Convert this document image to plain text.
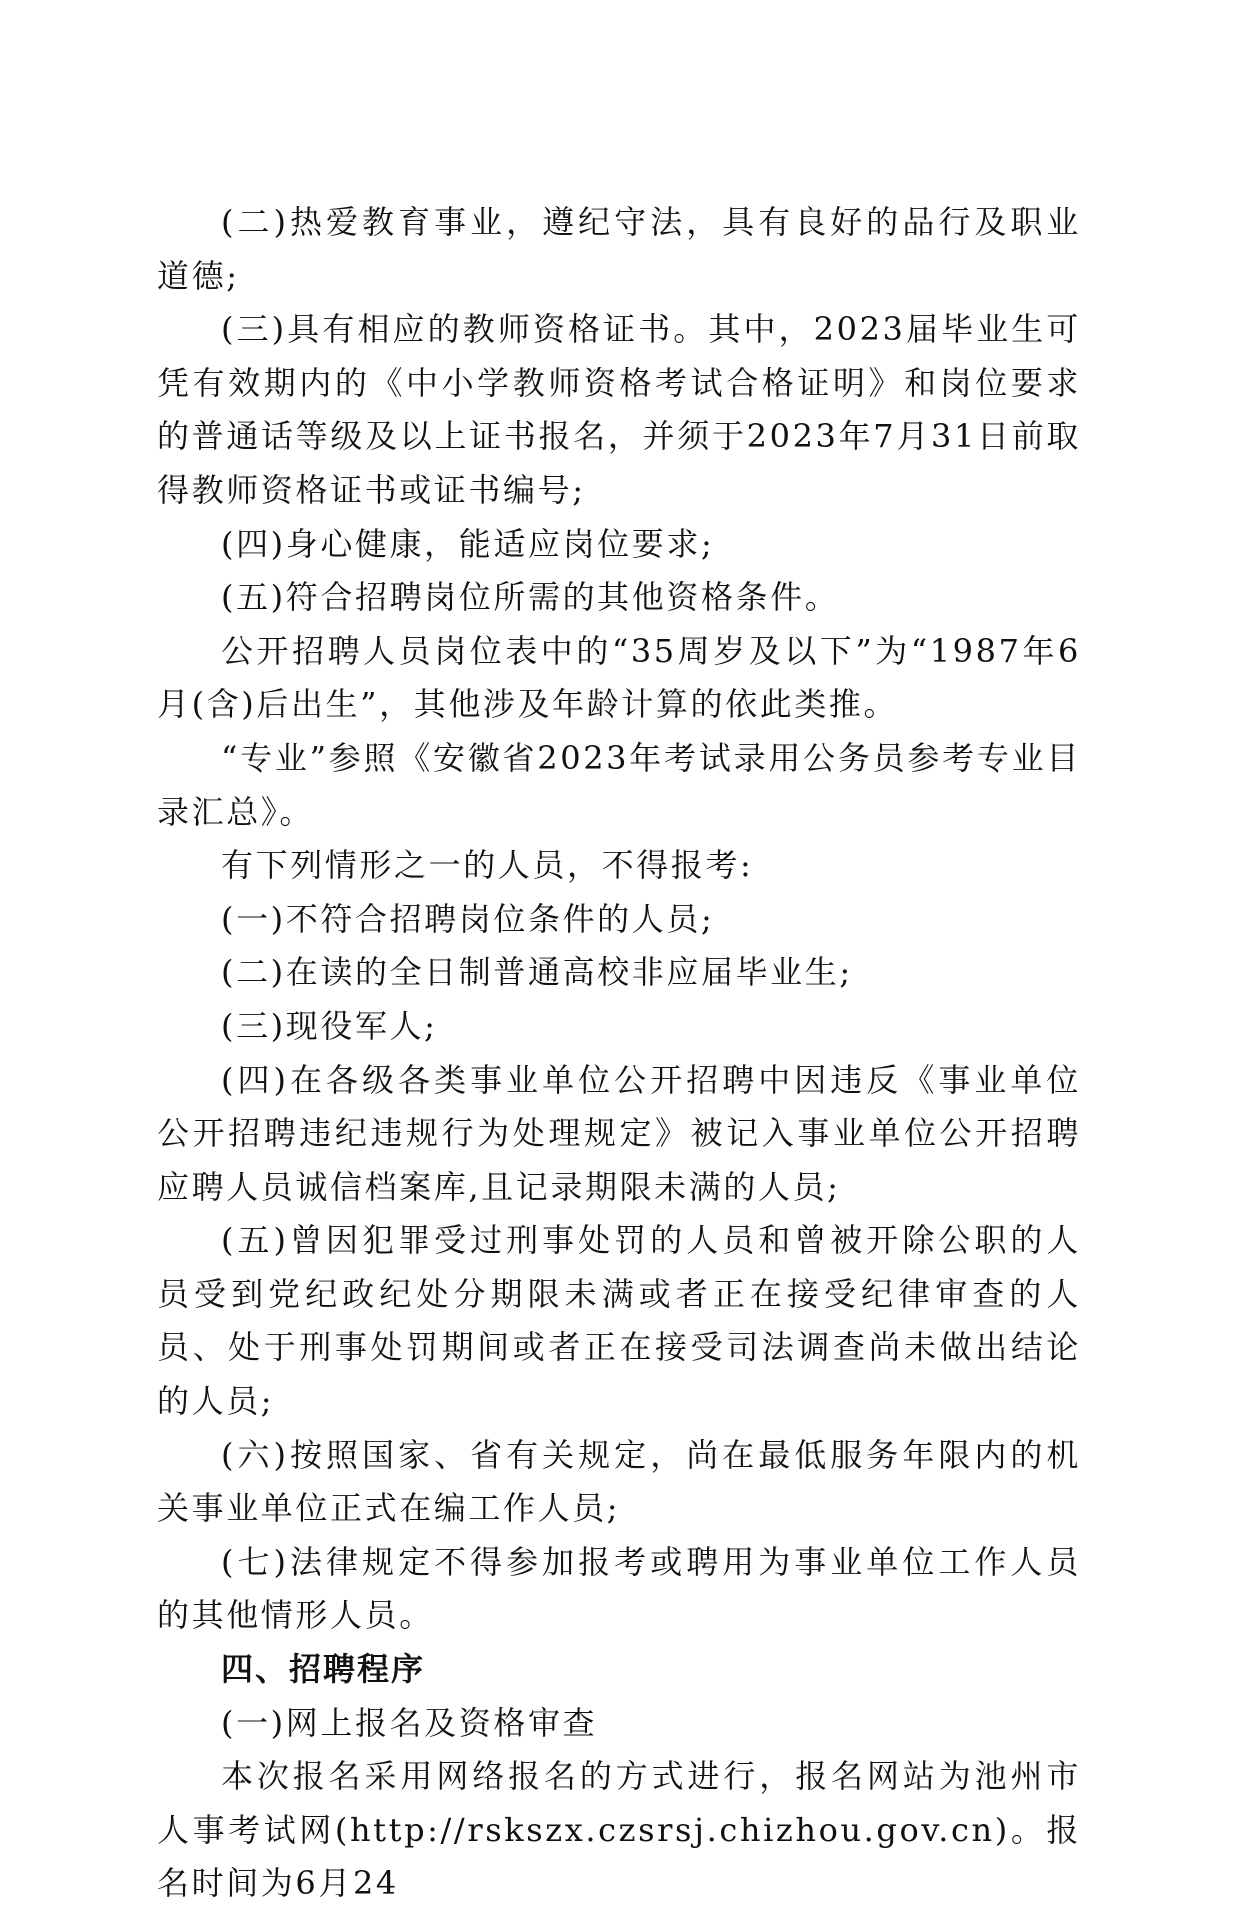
(二)热爱教育事业，遵纪守法，具有良好的品行及职业道德;

(三)具有相应的教师资格证书。其中，2023届毕业生可凭有效期内的《中小学教师资格考试合格证明》和岗位要求的普通话等级及以上证书报名，并须于2023年7月31日前取得教师资格证书或证书编号;

(四)身心健康，能适应岗位要求;

(五)符合招聘岗位所需的其他资格条件。

公开招聘人员岗位表中的“35周岁及以下”为“1987年6月(含)后出生”，其他涉及年龄计算的依此类推。

“专业”参照《安徽省2023年考试录用公务员参考专业目录汇总》。

有下列情形之一的人员，不得报考:

(一)不符合招聘岗位条件的人员;

(二)在读的全日制普通高校非应届毕业生;

(三)现役军人;

(四)在各级各类事业单位公开招聘中因违反《事业单位公开招聘违纪违规行为处理规定》被记入事业单位公开招聘应聘人员诚信档案库,且记录期限未满的人员;

(五)曾因犯罪受过刑事处罚的人员和曾被开除公职的人员受到党纪政纪处分期限未满或者正在接受纪律审查的人员、处于刑事处罚期间或者正在接受司法调查尚未做出结论的人员;

(六)按照国家、省有关规定，尚在最低服务年限内的机关事业单位正式在编工作人员;

(七)法律规定不得参加报考或聘用为事业单位工作人员的其他情形人员。

四、招聘程序

(一)网上报名及资格审查

本次报名采用网络报名的方式进行，报名网站为池州市人事考试网(http://rskszx.czsrsj.chizhou.gov.cn)。报名时间为6月24
